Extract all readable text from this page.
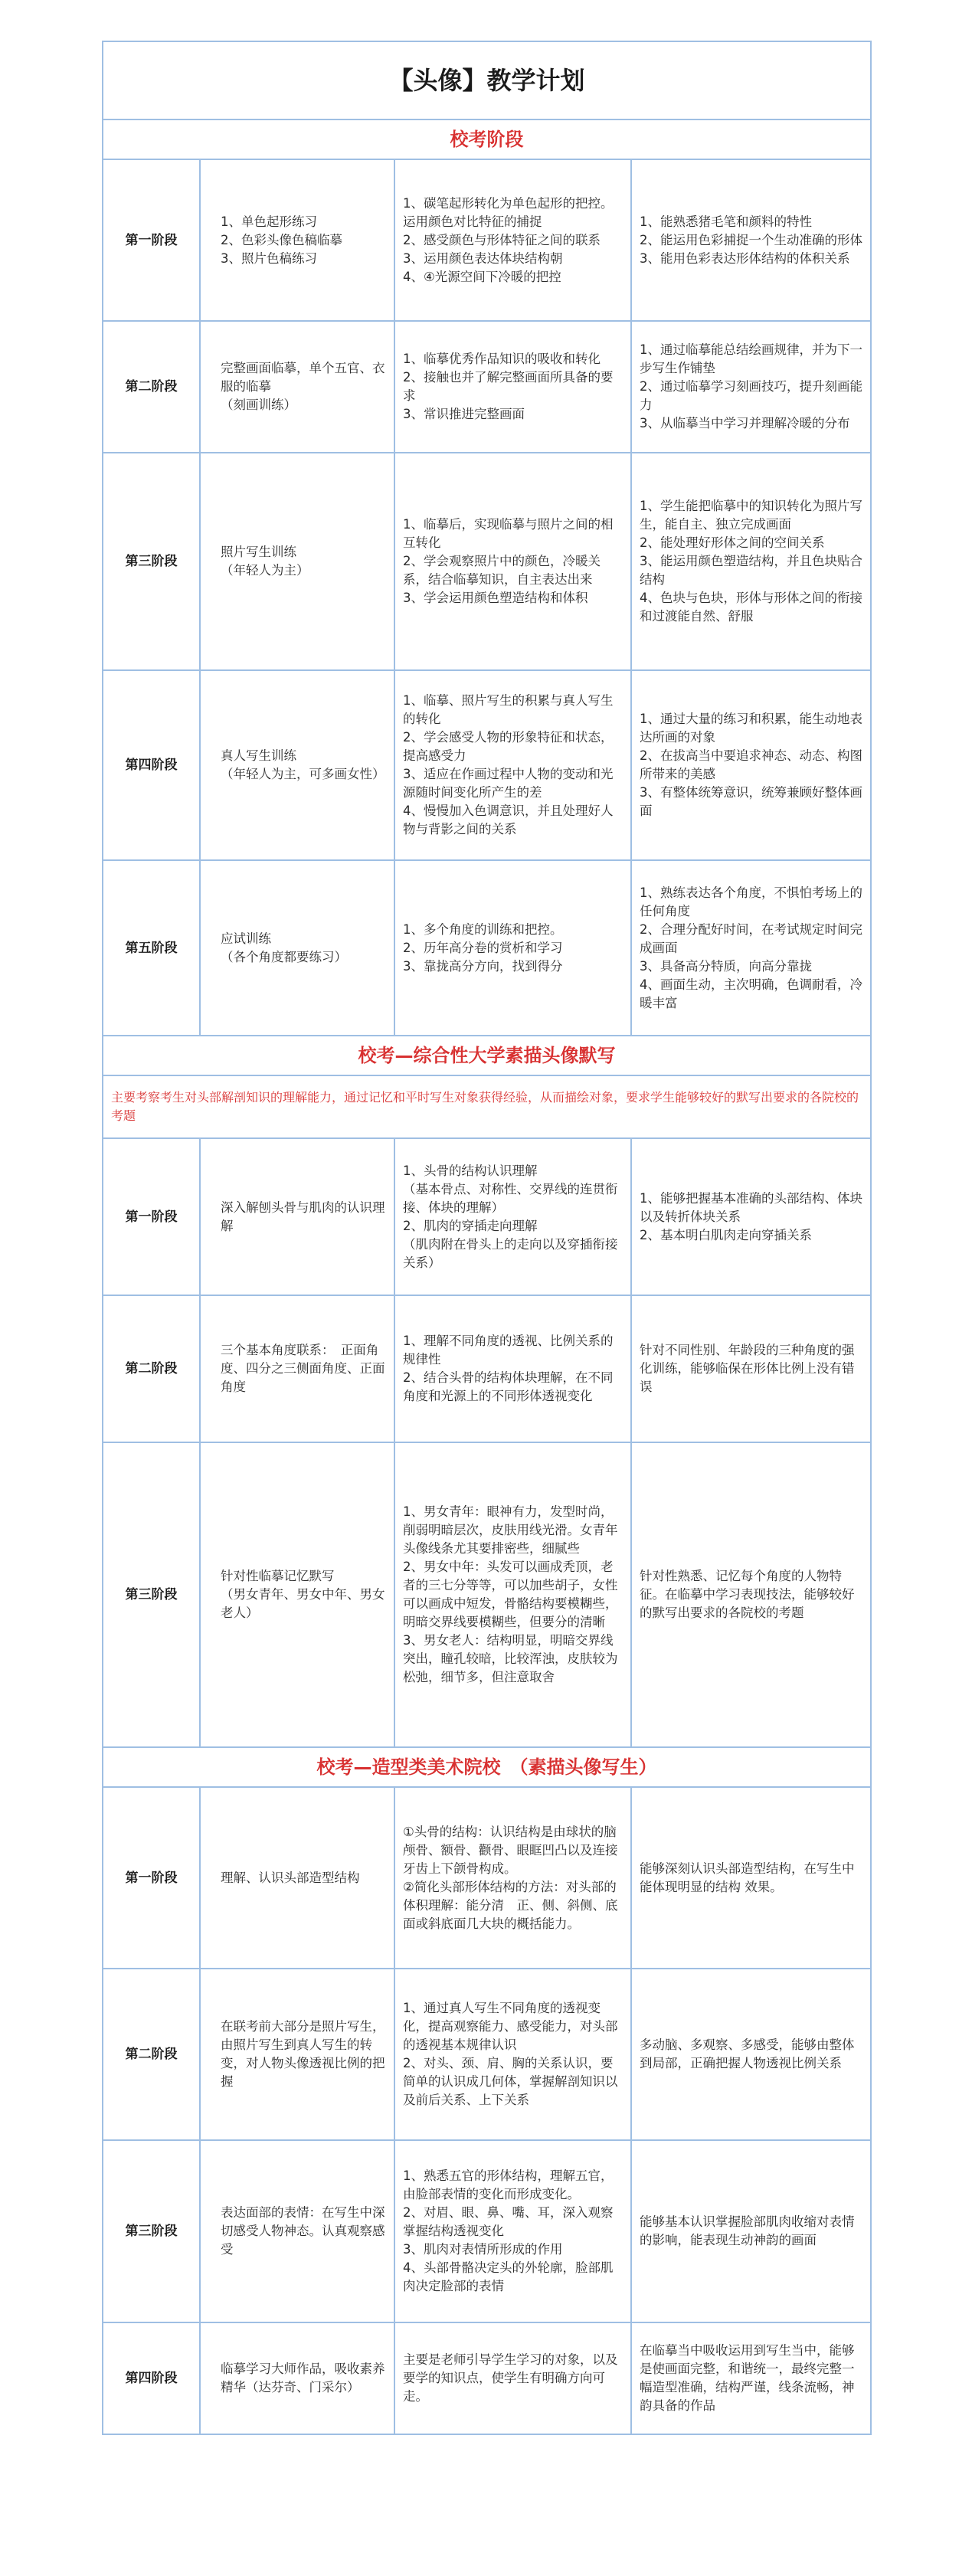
【头像】教学计划			
校考阶段			
第一阶段	1、单色起形练习
2、色彩头像色稿临摹
3、照片色稿练习	1、碳笔起形转化为单色起形的把控。运用颜色对比特征的捕捉
2、感受颜色与形体特征之间的联系
3、运用颜色表达体块结构朝
4、④光源空间下冷暖的把控	1、能熟悉猪毛笔和颜料的特性
2、能运用色彩捕捉一个生动准确的形体
3、能用色彩表达形体结构的体积关系
第二阶段	完整画面临摹，单个五官、衣服的临摹
（刻画训练）	1、临摹优秀作品知识的吸收和转化
2、接触也并了解完整画面所具备的要求
3、常识推进完整画面	1、通过临摹能总结绘画规律，并为下一步写生作铺垫
2、通过临摹学习刻画技巧，提升刻画能力
3、从临摹当中学习并理解冷暖的分布
第三阶段	照片写生训练
（年轻人为主）	1、临摹后，实现临摹与照片之间的相互转化
2、学会观察照片中的颜色，冷暖关系，结合临摹知识，自主表达出来
3、学会运用颜色塑造结构和体积	1、学生能把临摹中的知识转化为照片写生，能自主、独立完成画面
2、能处理好形体之间的空间关系
3、能运用颜色塑造结构，并且色块贴合结构
4、色块与色块，形体与形体之间的衔接和过渡能自然、舒服
第四阶段	真人写生训练
（年轻人为主，可多画女性）	1、临摹、照片写生的积累与真人写生的转化
2、学会感受人物的形象特征和状态，提高感受力
3、适应在作画过程中人物的变动和光源随时间变化所产生的差
4、慢慢加入色调意识，并且处理好人物与背影之间的关系	1、通过大量的练习和积累，能生动地表达所画的对象
2、在拔高当中要追求神态、动态、构图所带来的美感
3、有整体统筹意识，统筹兼顾好整体画面
第五阶段	应试训练
（各个角度都要练习）	1、多个角度的训练和把控。
2、历年高分卷的赏析和学习
3、靠拢高分方向，找到得分	1、熟练表达各个角度，不惧怕考场上的任何角度
2、合理分配好时间，在考试规定时间完成画面
3、具备高分特质，向高分靠拢
4、画面生动，主次明确，色调耐看，冷暖丰富
校考—综合性大学素描头像默写			
主要考察考生对头部解剖知识的理解能力，通过记忆和平时写生对象获得经验，从而描绘对象，要求学生能够较好的默写出要求的各院校的考题			
第一阶段	深入解刨头骨与肌肉的认识理解	1、头骨的结构认识理解
（基本骨点、对称性、交界线的连贯衔接、体块的理解）
2、肌肉的穿插走向理解
（肌肉附在骨头上的走向以及穿插衔接关系）	1、能够把握基本准确的头部结构、体块以及转折体块关系
2、基本明白肌肉走向穿插关系
第二阶段	三个基本角度联系：　正面角度、四分之三侧面角度、正面角度	1、理解不同角度的透视、比例关系的规律性
2、结合头骨的结构体块理解，在不同角度和光源上的不同形体透视变化	针对不同性别、年龄段的三种角度的强化训练，能够临保在形体比例上没有错误
第三阶段	针对性临摹记忆默写
（男女青年、男女中年、男女老人）	1、男女青年：眼神有力，发型时尚，削弱明暗层次，皮肤用线光滑。女青年头像线条尤其要排密些，细腻些
2、男女中年：头发可以画成秃顶，老者的三七分等等，可以加些胡子，女性可以画成中短发，骨骼结构要模糊些，明暗交界线要模糊些，但要分的清晰
3、男女老人：结构明显，明暗交界线突出，瞳孔较暗，比较浑浊，皮肤较为松弛，细节多，但注意取舍	针对性熟悉、记忆每个角度的人物特征。在临摹中学习表现技法，能够较好的默写出要求的各院校的考题
校考—造型类美术院校　（素描头像写生）			
第一阶段	理解、认识头部造型结构	①头骨的结构：认识结构是由球状的脑颅骨、额骨、颧骨、眼眶凹凸以及连接牙齿上下颌骨构成。
②简化头部形体结构的方法：对头部的体积理解：能分清　正、侧、斜侧、底面或斜底面几大块的概括能力。	能够深刻认识头部造型结构，在写生中能体现明显的结构 效果。
第二阶段	在联考前大部分是照片写生，由照片写生到真人写生的转变，对人物头像透视比例的把握	1、通过真人写生不同角度的透视变化，提高观察能力、感受能力，对头部的透视基本规律认识
2、对头、颈、肩、胸的关系认识，要简单的认识成几何体，掌握解剖知识以及前后关系、上下关系	多动脑、多观察、多感受，能够由整体到局部，正确把握人物透视比例关系
第三阶段	表达面部的表情：在写生中深切感受人物神态。认真观察感受	1、熟悉五官的形体结构，理解五官，由脸部表情的变化而形成变化。
2、对眉、眼、鼻、嘴、耳，深入观察掌握结构透视变化
3、肌肉对表情所形成的作用
4、头部骨骼决定头的外轮廓，脸部肌肉决定脸部的表情	能够基本认识掌握脸部肌肉收缩对表情的影响，能表现生动神韵的画面
第四阶段	临摹学习大师作品，吸收素养精华（达芬奇、门采尔）	主要是老师引导学生学习的对象，以及要学的知识点，使学生有明确方向可走。	在临摹当中吸收运用到写生当中，能够是使画面完整，和谐统一，最终完整一幅造型准确，结构严谨，线条流畅，神韵具备的作品
